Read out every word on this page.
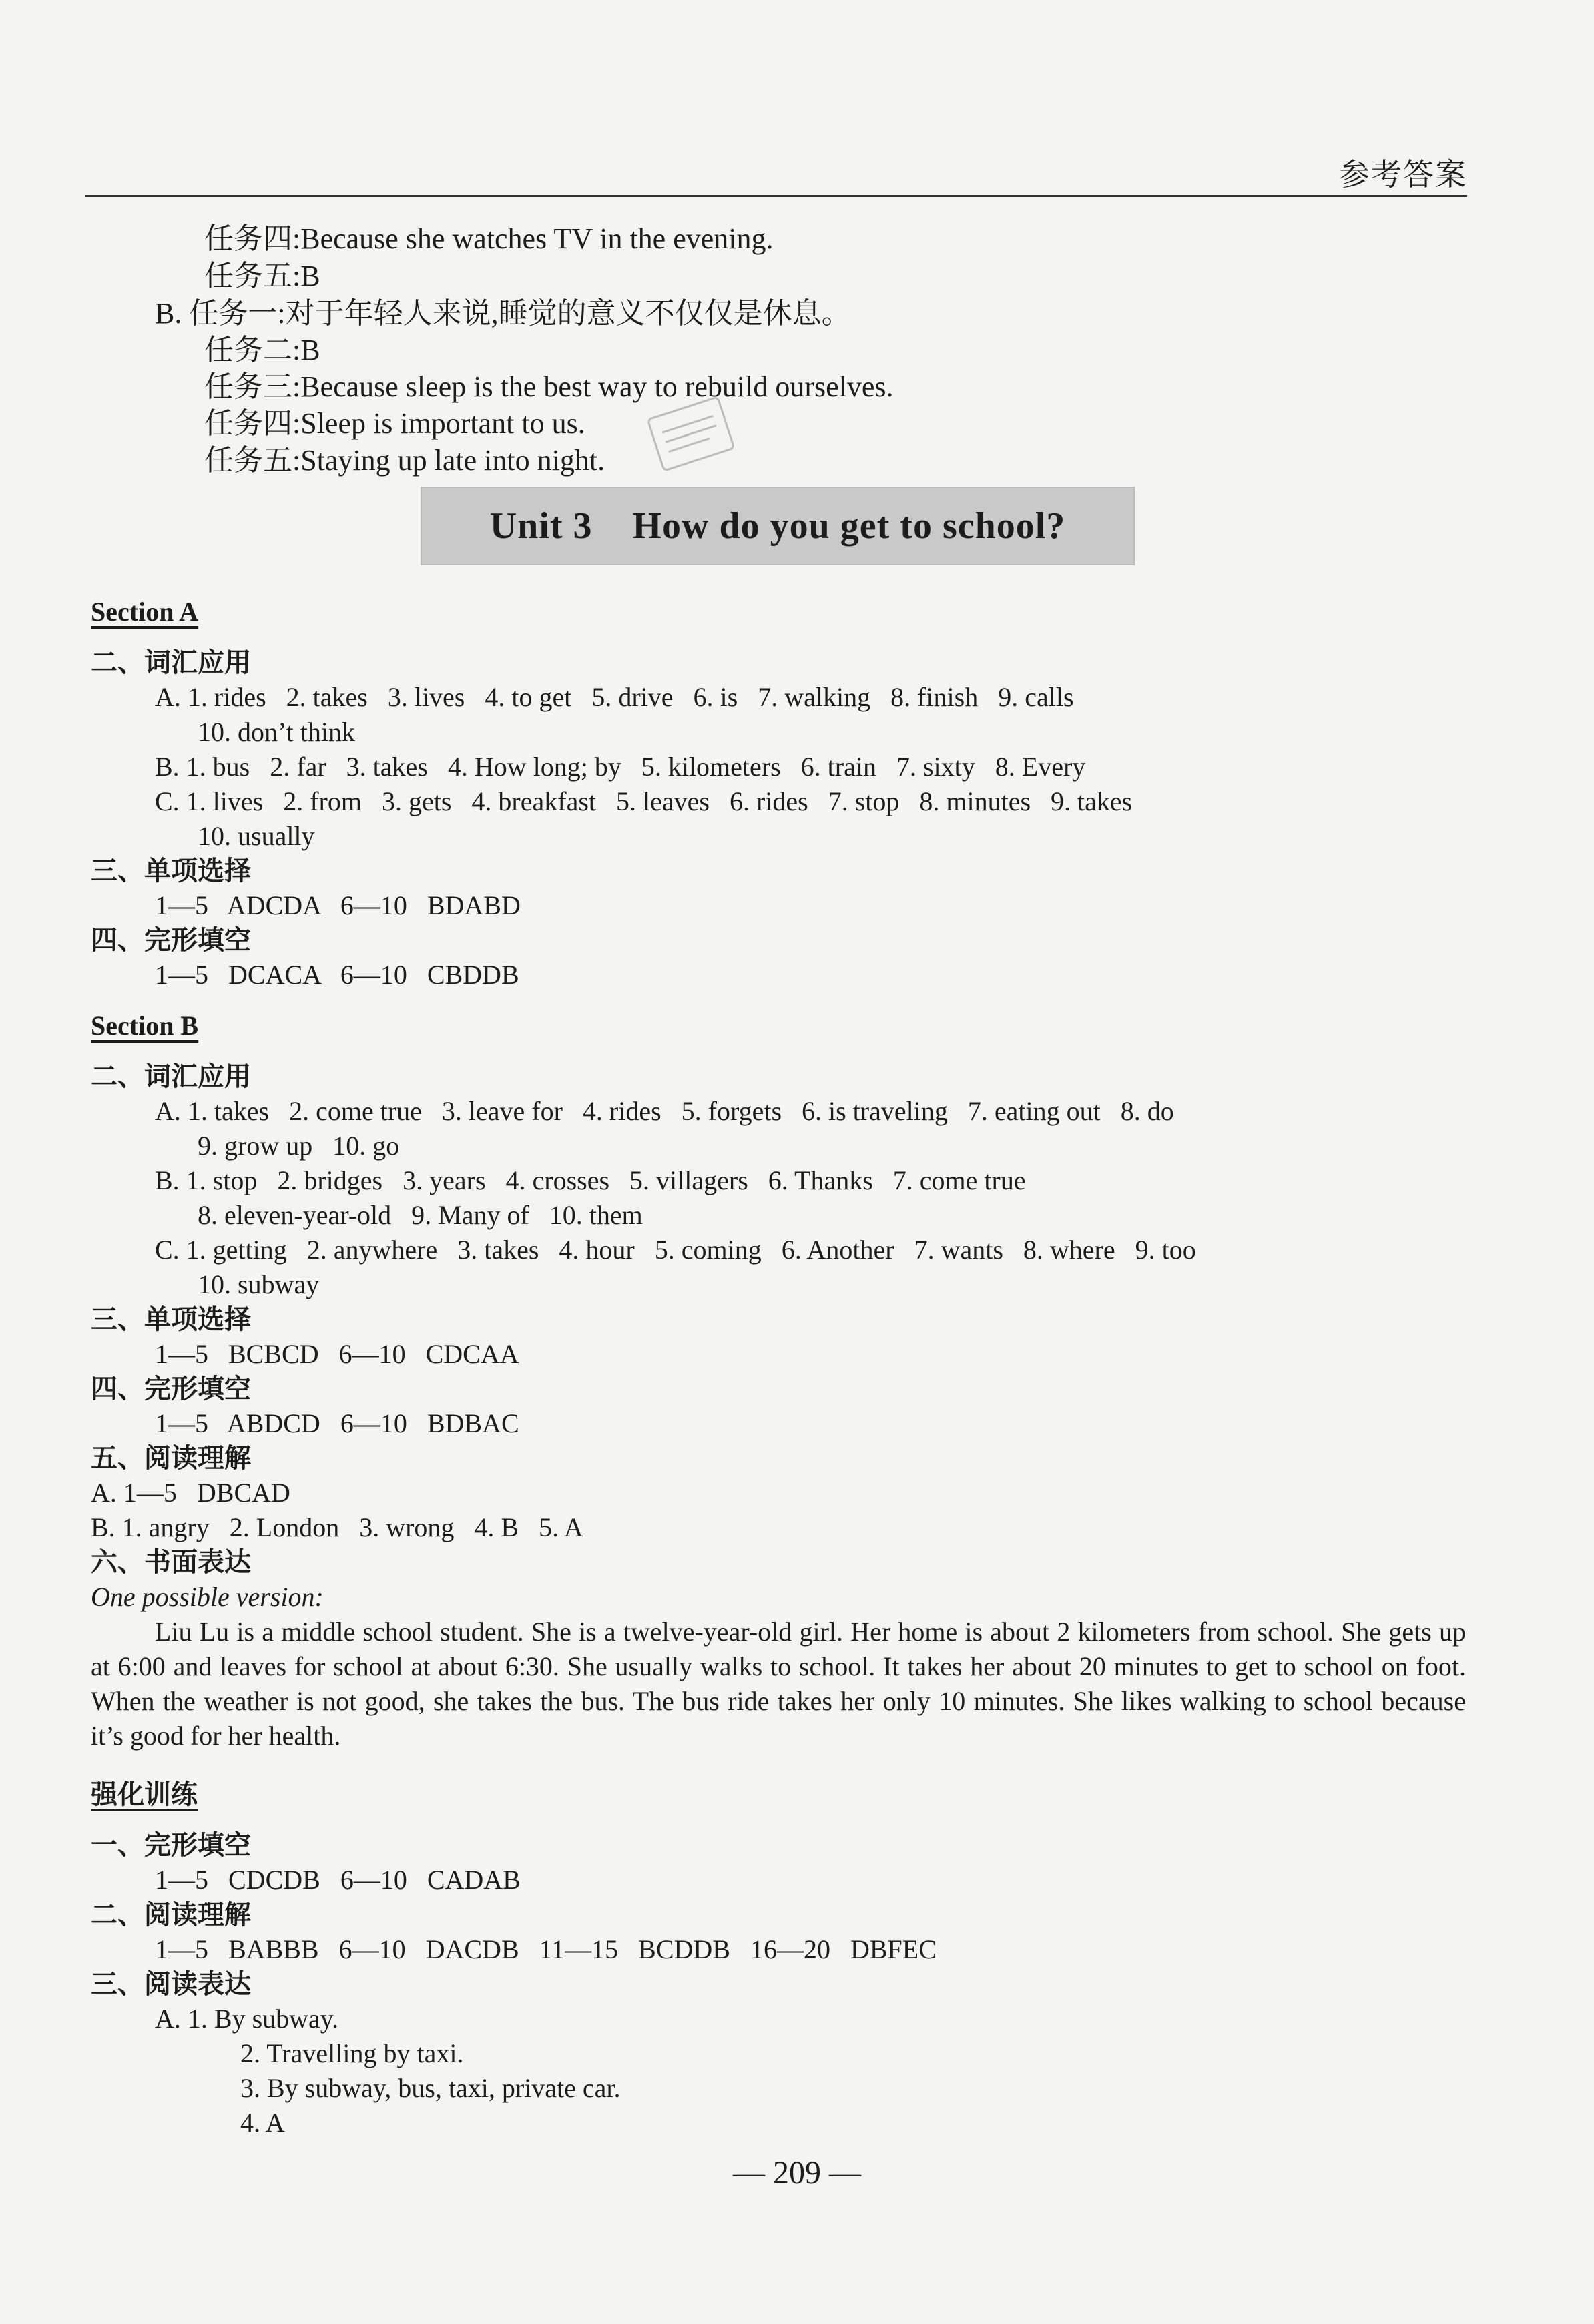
参考答案
任务四:Because she watches TV in the evening.
任务五:B
B. 任务一:对于年轻人来说,睡觉的意义不仅仅是休息。
任务二:B
任务三:Because sleep is the best way to rebuild ourselves.
任务四:Sleep is important to us.
任务五:Staying up late into night.
Unit 3    How do you get to school?
Section A
二、词汇应用
A. 1. rides   2. takes   3. lives   4. to get   5. drive   6. is   7. walking   8. finish   9. calls
10. don’t think
B. 1. bus   2. far   3. takes   4. How long; by   5. kilometers   6. train   7. sixty   8. Every
C. 1. lives   2. from   3. gets   4. breakfast   5. leaves   6. rides   7. stop   8. minutes   9. takes
10. usually
三、单项选择
1—5   ADCDA   6—10   BDABD
四、完形填空
1—5   DCACA   6—10   CBDDB
Section B
二、词汇应用
A. 1. takes   2. come true   3. leave for   4. rides   5. forgets   6. is traveling   7. eating out   8. do
9. grow up   10. go
B. 1. stop   2. bridges   3. years   4. crosses   5. villagers   6. Thanks   7. come true
8. eleven-year-old   9. Many of   10. them
C. 1. getting   2. anywhere   3. takes   4. hour   5. coming   6. Another   7. wants   8. where   9. too
10. subway
三、单项选择
1—5   BCBCD   6—10   CDCAA
四、完形填空
1—5   ABDCD   6—10   BDBAC
五、阅读理解
A. 1—5   DBCAD
B. 1. angry   2. London   3. wrong   4. B   5. A
六、书面表达
One possible version:
Liu Lu is a middle school student. She is a twelve-year-old girl. Her home is about 2 kilometers from school. She gets up at 6:00 and leaves for school at about 6:30. She usually walks to school. It takes her about 20 minutes to get to school on foot. When the weather is not good, she takes the bus. The bus ride takes her only 10 minutes. She likes walking to school because it’s good for her health.
强化训练
一、完形填空
1—5   CDCDB   6—10   CADAB
二、阅读理解
1—5   BABBB   6—10   DACDB   11—15   BCDDB   16—20   DBFEC
三、阅读表达
A. 1. By subway.
2. Travelling by taxi.
3. By subway, bus, taxi, private car.
4. A
— 209 —
